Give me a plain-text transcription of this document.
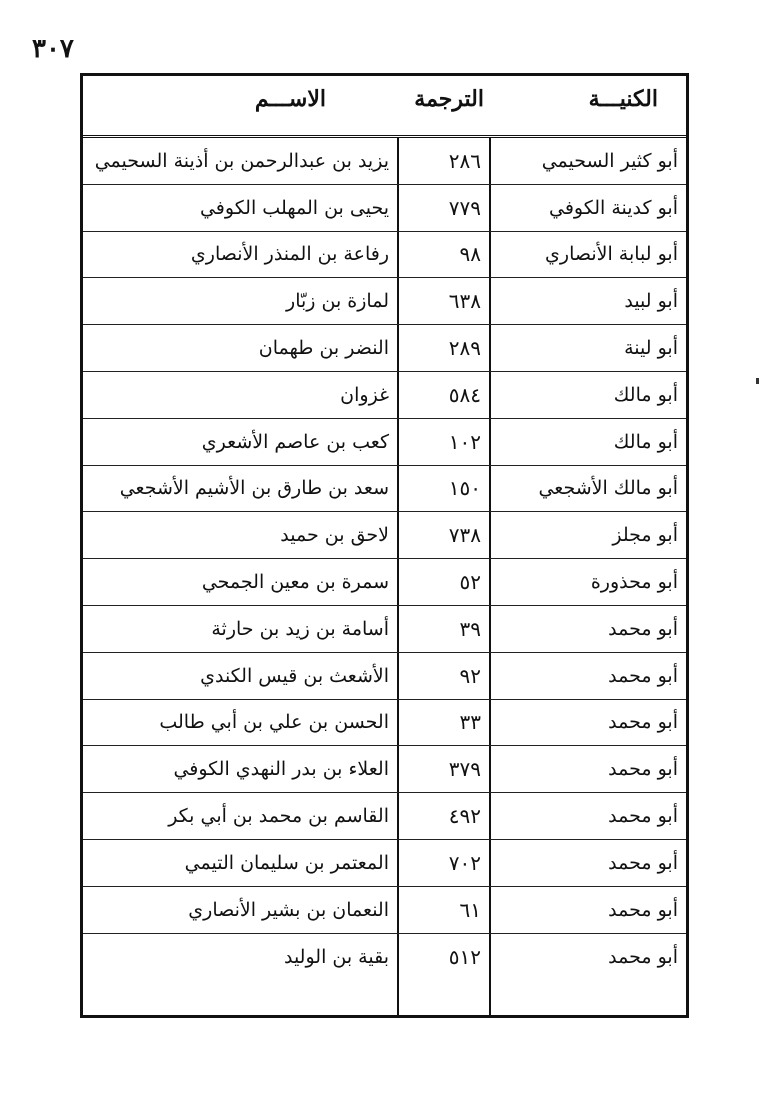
٣٠٧
الكنيـــة
الترجمة
الاســـم
أبو كثير السحيمي
٢٨٦
يزيد بن عبدالرحمن بن أذينة السحيمي
أبو كدينة الكوفي
٧٧٩
يحيى بن المهلب الكوفي
أبو لبابة الأنصاري
٩٨
رفاعة بن المنذر الأنصاري
أبو لبيد
٦٣٨
لمازة بن زبّار
أبو لينة
٢٨٩
النضر بن طهمان
أبو مالك
٥٨٤
غزوان
أبو مالك
١٠٢
كعب بن عاصم الأشعري
أبو مالك الأشجعي
١٥٠
سعد بن طارق بن الأشيم الأشجعي
أبو مجلز
٧٣٨
لاحق بن حميد
أبو محذورة
٥٢
سمرة بن معين الجمحي
أبو محمد
٣٩
أسامة بن زيد بن حارثة
أبو محمد
٩٢
الأشعث بن قيس الكندي
أبو محمد
٣٣
الحسن بن علي بن أبي طالب
أبو محمد
٣٧٩
العلاء بن بدر النهدي الكوفي
أبو محمد
٤٩٢
القاسم بن محمد بن أبي بكر
أبو محمد
٧٠٢
المعتمر بن سليمان التيمي
أبو محمد
٦١
النعمان بن بشير الأنصاري
أبو محمد
٥١٢
بقية بن الوليد
